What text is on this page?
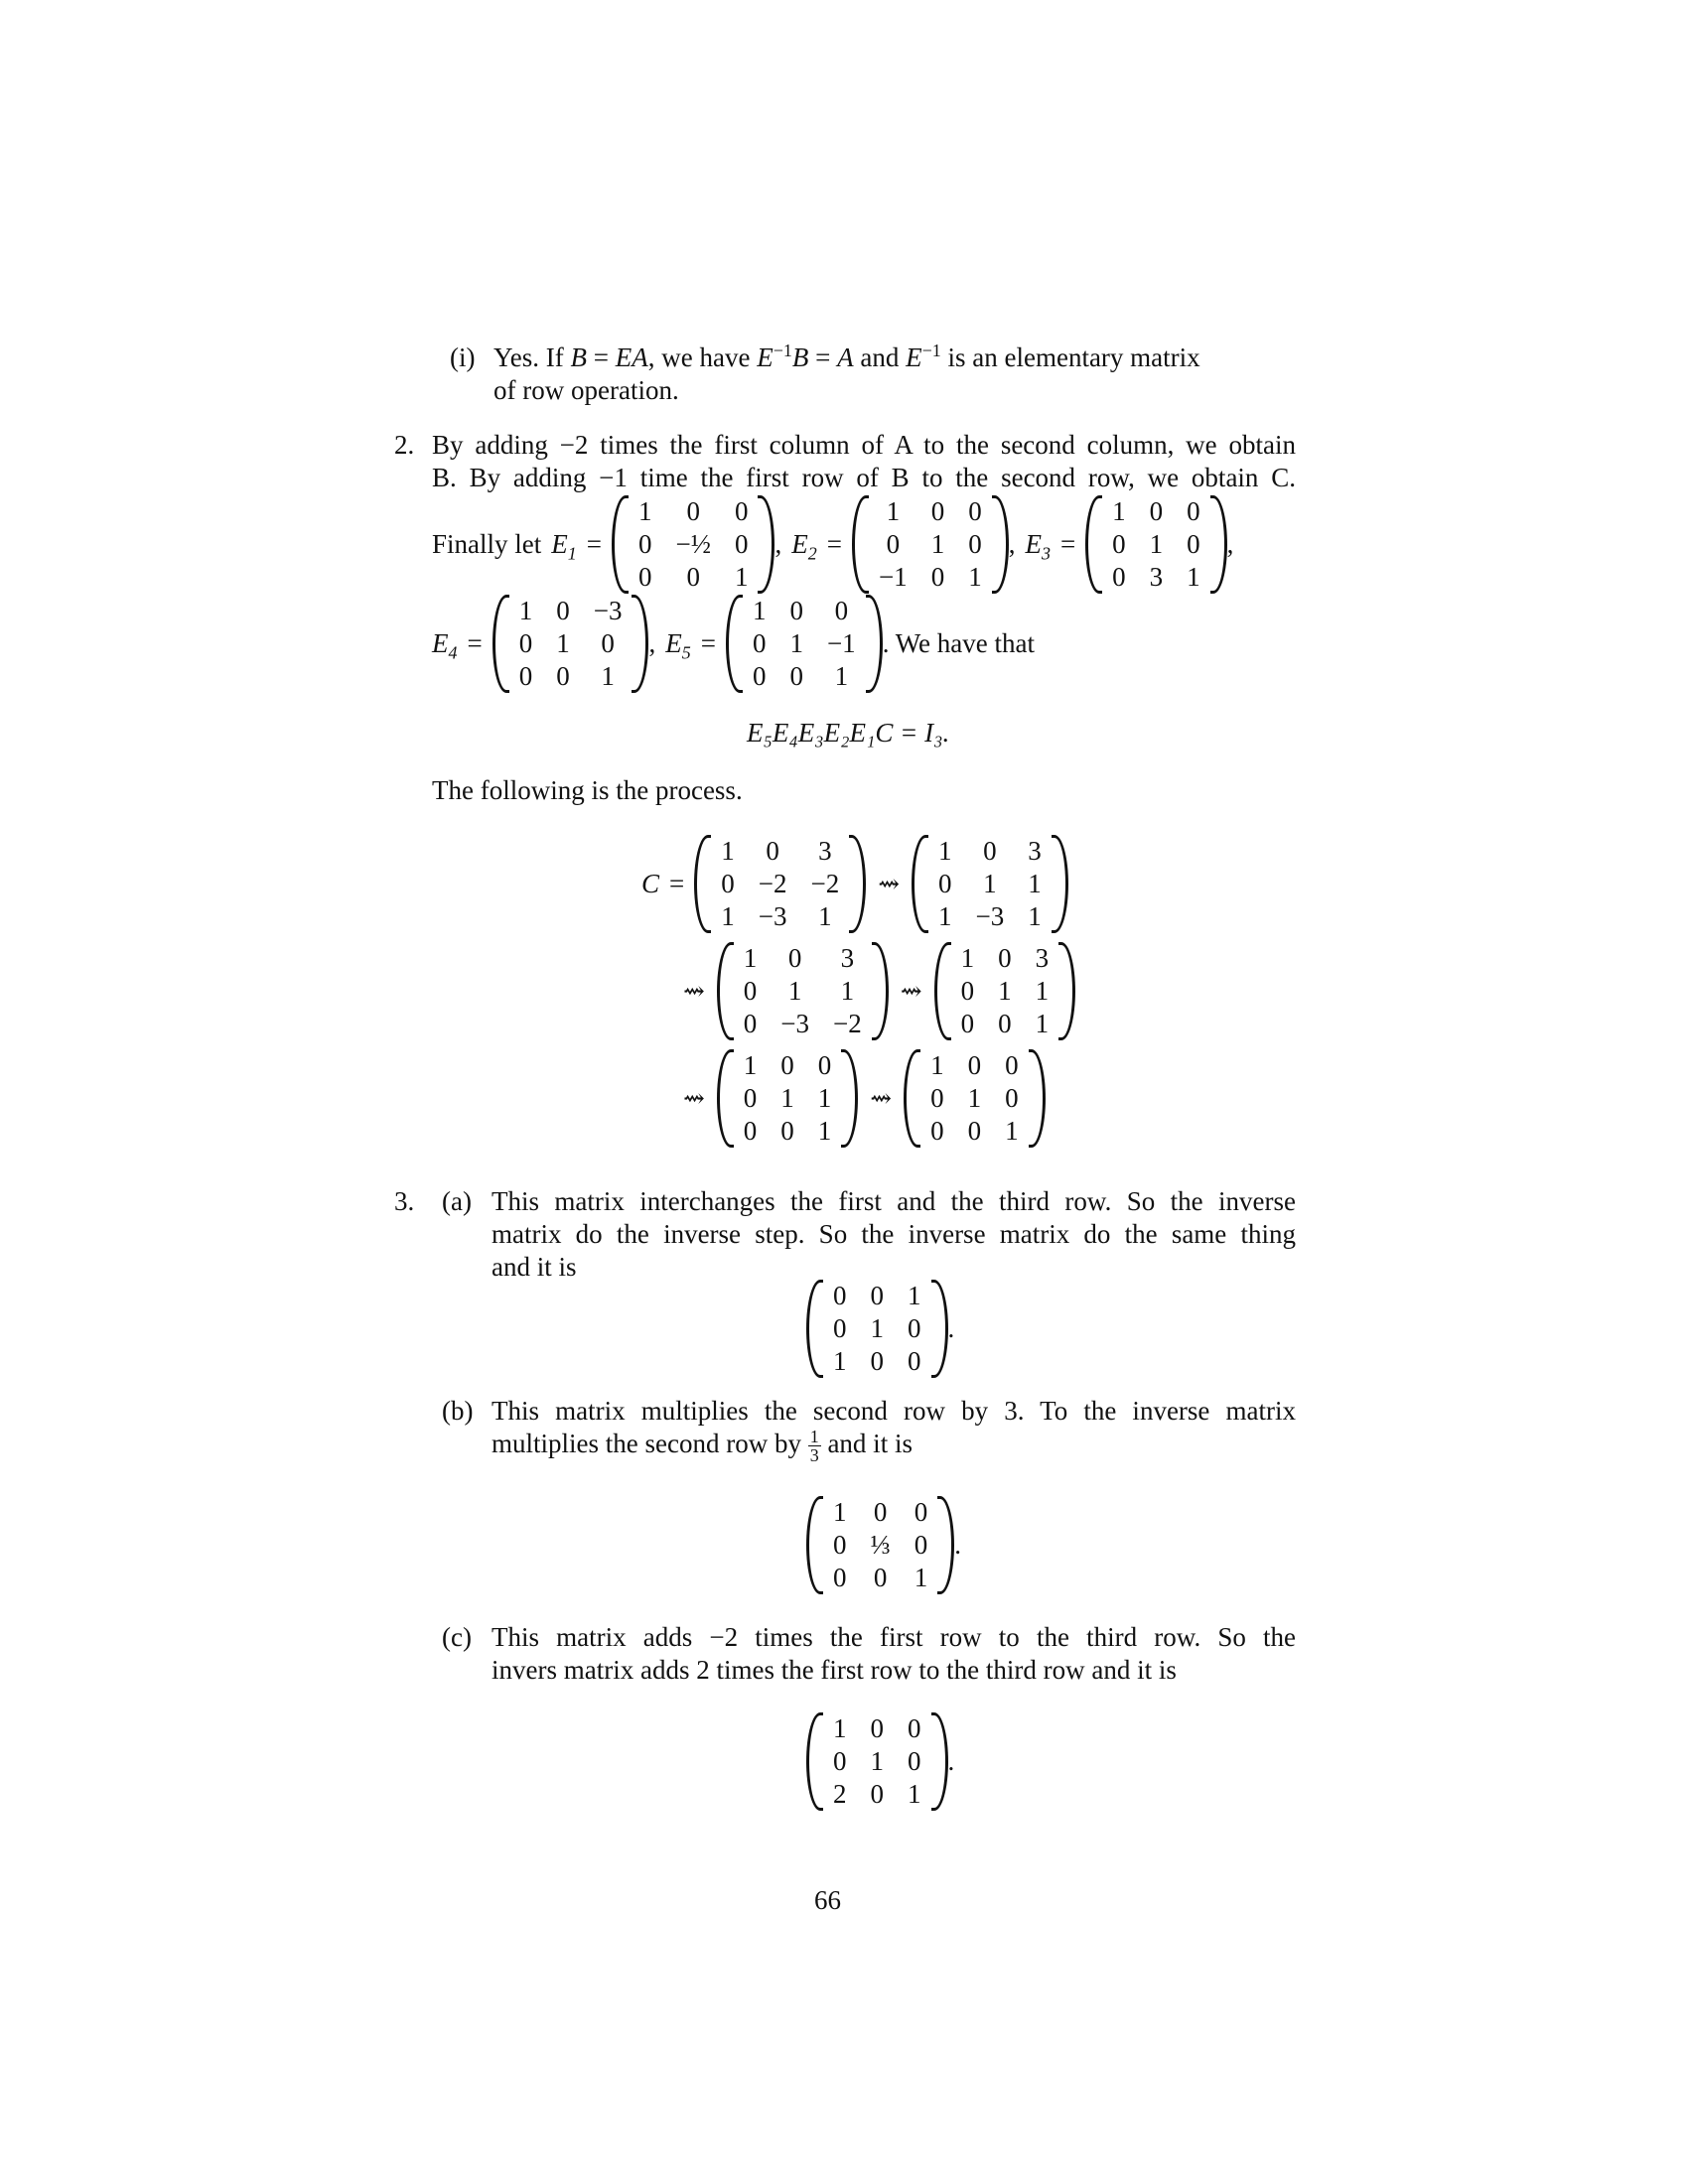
(i) Yes. If B = EA, we have $E^{-1}B = A$ and $E^{-1}$ is an elementary matrix
of row operation.
2. By adding −2 times the first column of A to the second column, we obtain
B. By adding −1 time the first row of B to the second row, we obtain C.
Finally let $E_1$ =
1 0 0
0 −½ 0
0 0 1
, $E_2$ =
1 0 0
0 1 0
−1 0 1
, $E_3$ =
1 0 0
0 1 0
0 3 1
,
$E_4$ =
1 0 −3
0 1 0
0 0 1
, $E_5$ =
1 0 0
0 1 −1
0 0 1
. We have that
E₅E₄E₃E₂E₁C = I₃.
The following is the process.
C =
1 0 3
0 −2 −2
1 −3 1
⇝
1 0 3
0 1 1
1 −3 1
⇝
1 0 3
0 1 1
0 −3 −2
⇝
1 0 3
0 1 1
0 0 1
⇝
1 0 0
0 1 1
0 0 1
⇝
1 0 0
0 1 0
0 0 1
3. (a) This matrix interchanges the first and the third row. So the inverse
matrix do the inverse step. So the inverse matrix do the same thing
and it is
0 0 1
0 1 0
1 0 0
.
(b) This matrix multiplies the second row by 3. To the inverse matrix
multiplies the second row by $\frac{1}{3}$ and it is
1 0 0
0 ⅓ 0
0 0 1
.
(c) This matrix adds −2 times the first row to the third row. So the
invers matrix adds 2 times the first row to the third row and it is
1 0 0
0 1 0
2 0 1
.
66
